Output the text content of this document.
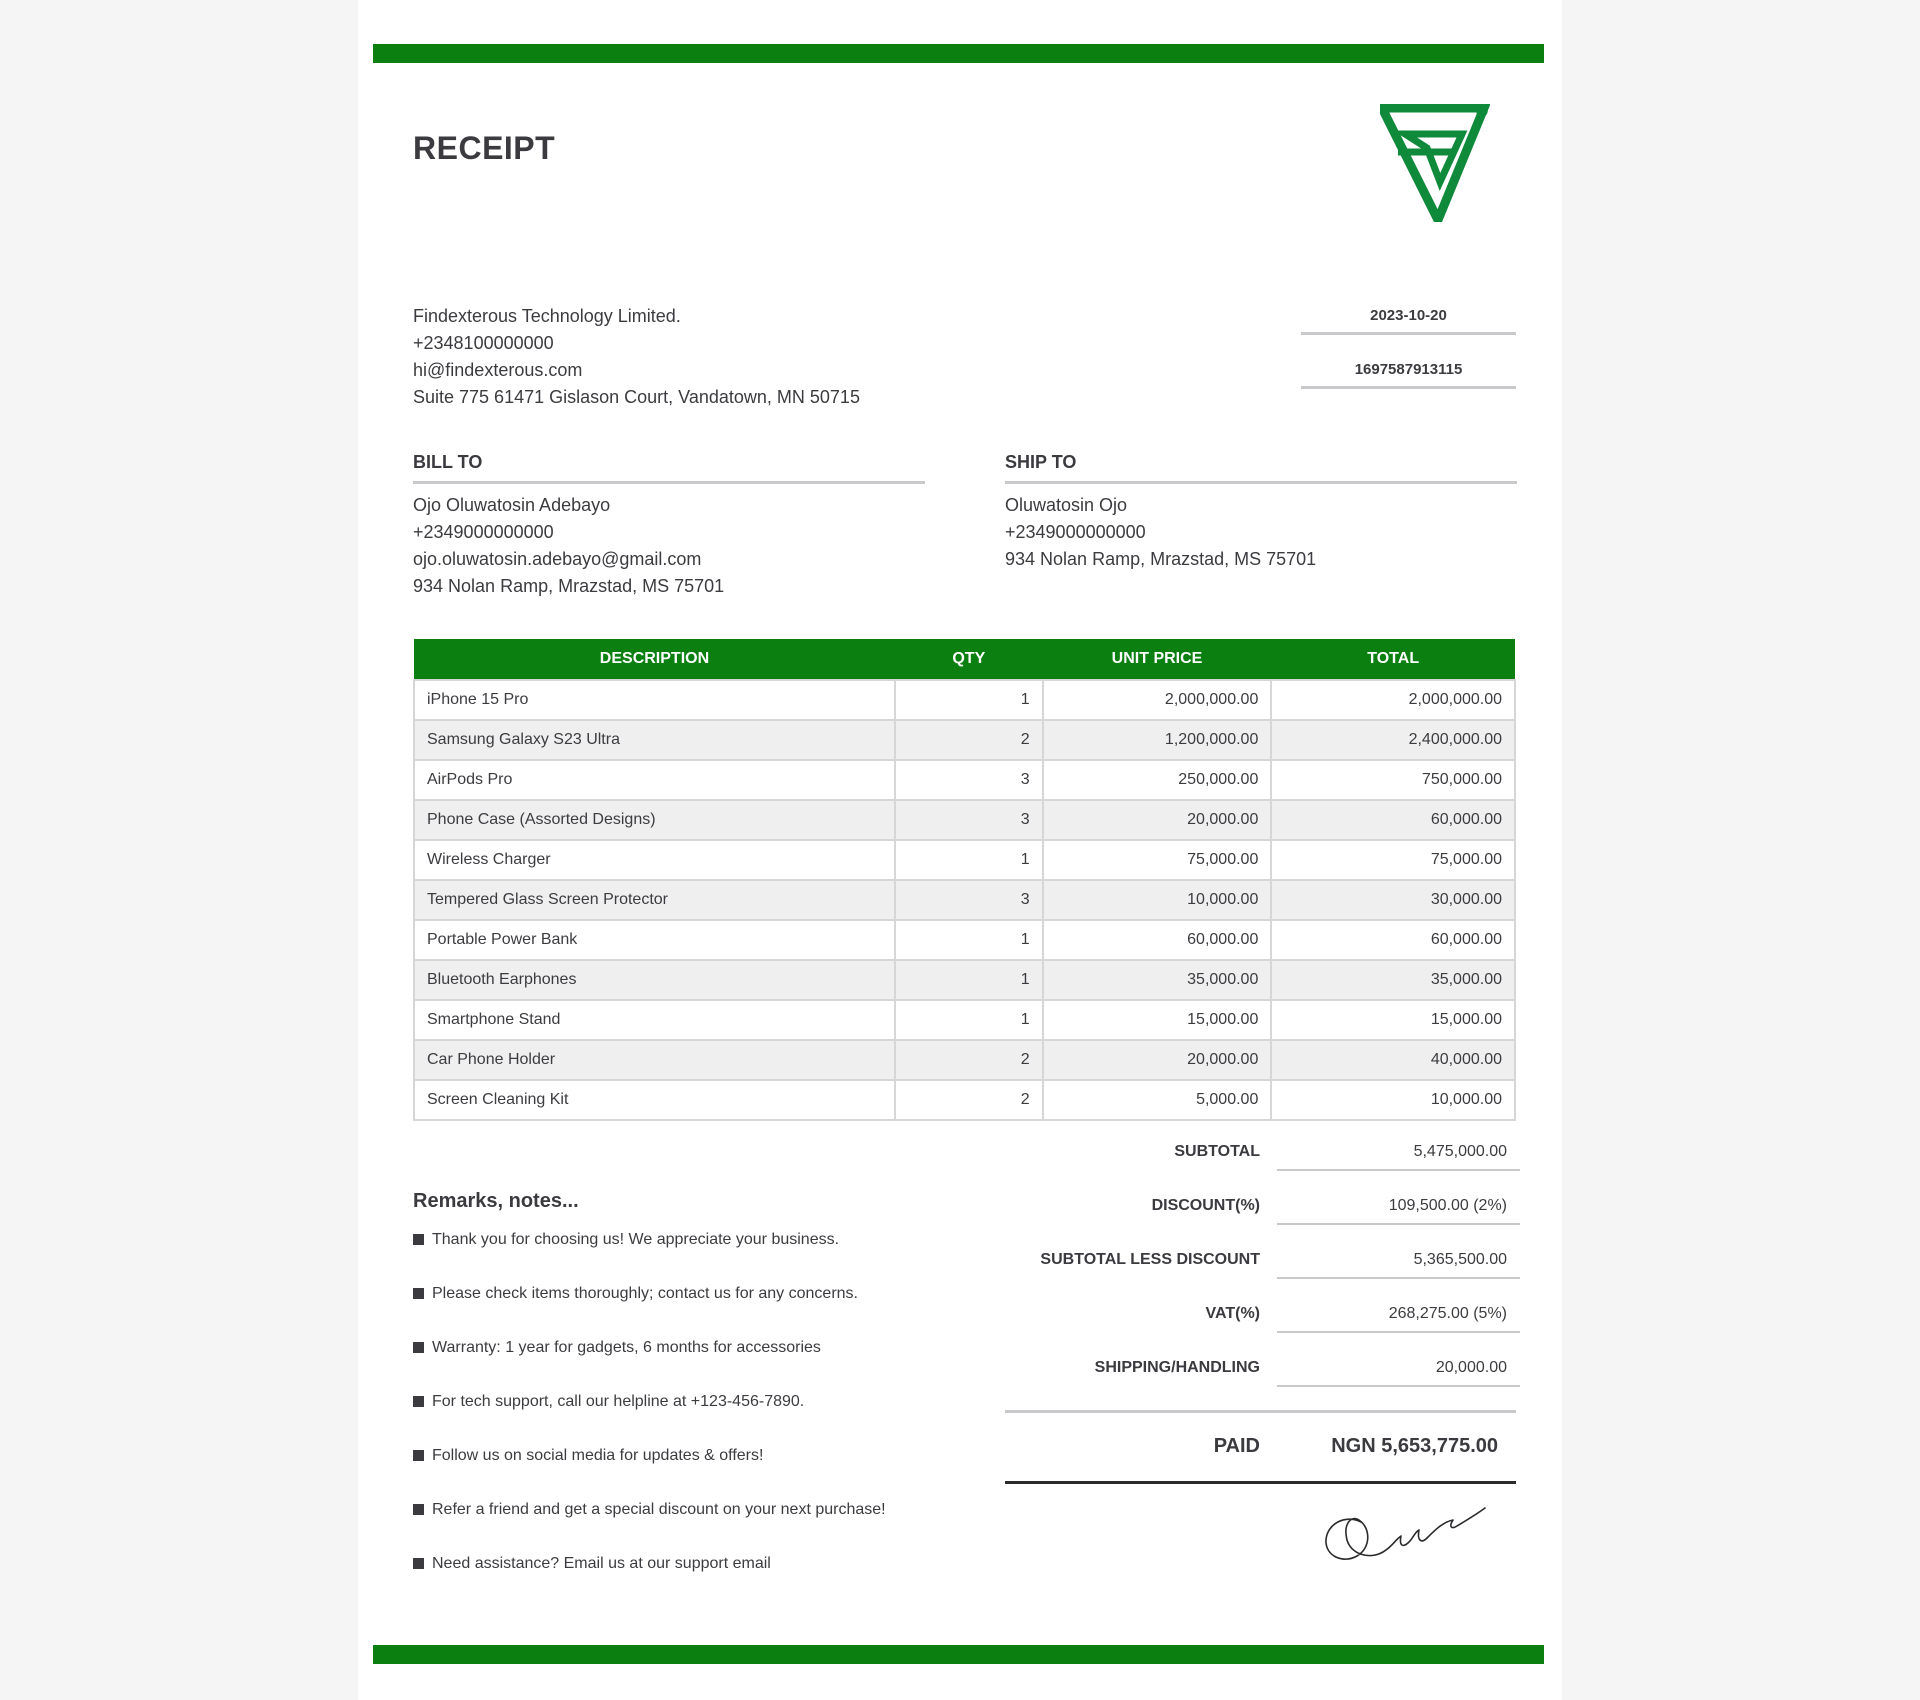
RECEIPT
Findexterous Technology Limited.
+2348100000000
hi@findexterous.com
Suite 775 61471 Gislason Court, Vandatown, MN 50715
2023-10-20
1697587913115
BILL TO
Ojo Oluwatosin Adebayo
+2349000000000
ojo.oluwatosin.adebayo@gmail.com
934 Nolan Ramp, Mrazstad, MS 75701
SHIP TO
Oluwatosin Ojo
+2349000000000
934 Nolan Ramp, Mrazstad, MS 75701
DESCRIPTION	QTY	UNIT PRICE	TOTAL
iPhone 15 Pro	1	2,000,000.00	2,000,000.00
Samsung Galaxy S23 Ultra	2	1,200,000.00	2,400,000.00
AirPods Pro	3	250,000.00	750,000.00
Phone Case (Assorted Designs)	3	20,000.00	60,000.00
Wireless Charger	1	75,000.00	75,000.00
Tempered Glass Screen Protector	3	10,000.00	30,000.00
Portable Power Bank	1	60,000.00	60,000.00
Bluetooth Earphones	1	35,000.00	35,000.00
Smartphone Stand	1	15,000.00	15,000.00
Car Phone Holder	2	20,000.00	40,000.00
Screen Cleaning Kit	2	5,000.00	10,000.00
SUBTOTAL	5,475,000.00
DISCOUNT(%)	109,500.00 (2%)
SUBTOTAL LESS DISCOUNT	5,365,500.00
VAT(%)	268,275.00 (5%)
SHIPPING/HANDLING	20,000.00
PAID	NGN 5,653,775.00
Remarks, notes...
Thank you for choosing us! We appreciate your business.
Please check items thoroughly; contact us for any concerns.
Warranty: 1 year for gadgets, 6 months for accessories
For tech support, call our helpline at +123-456-7890.
Follow us on social media for updates & offers!
Refer a friend and get a special discount on your next purchase!
Need assistance? Email us at our support email
